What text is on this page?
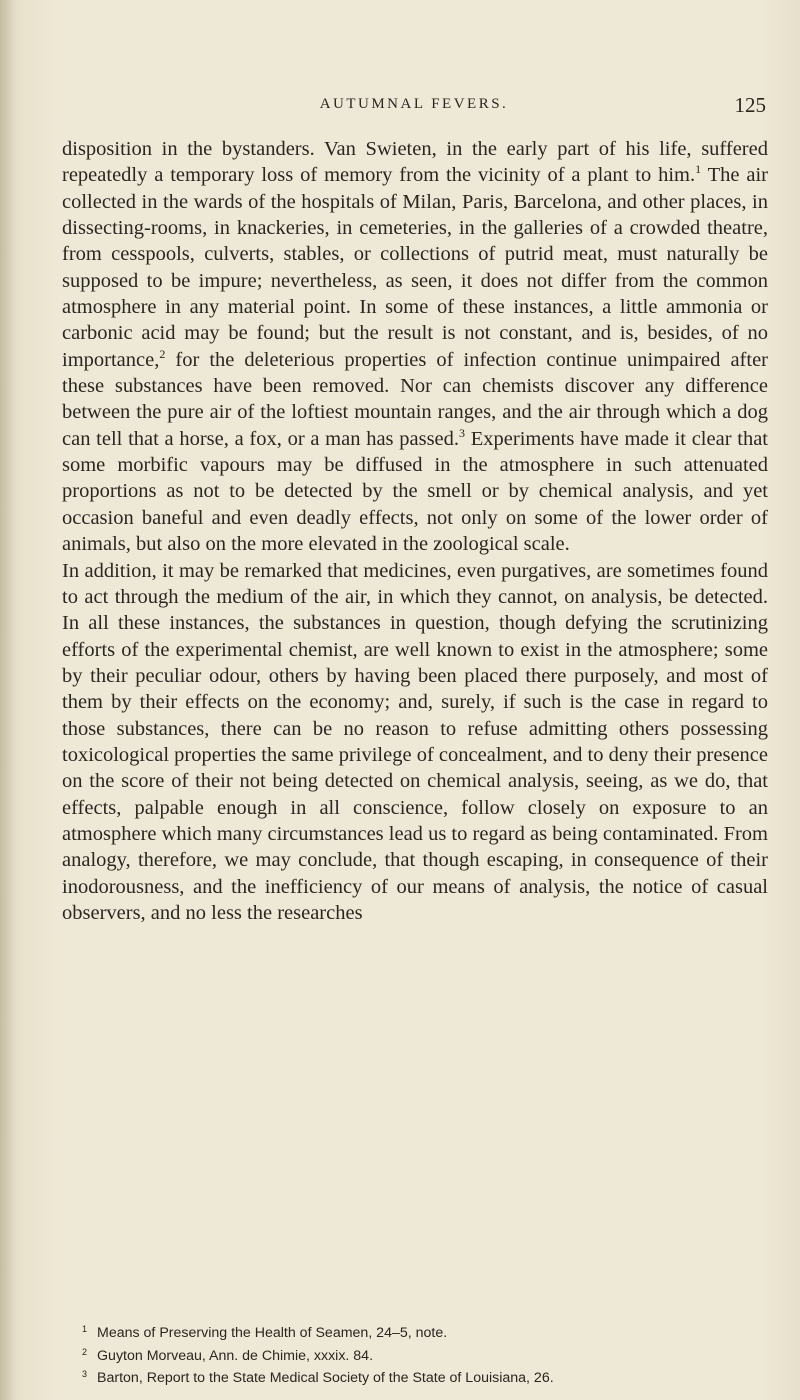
AUTUMNAL FEVERS.	125

disposition in the bystanders. Van Swieten, in the early part of his life, suffered repeatedly a temporary loss of memory from the vicinity of a plant to him.$^1$ The air collected in the wards of the hospitals of Milan, Paris, Barcelona, and other places, in dissecting-rooms, in knackeries, in cemeteries, in the galleries of a crowded theatre, from cesspools, culverts, stables, or collections of putrid meat, must naturally be supposed to be impure; nevertheless, as seen, it does not differ from the common atmosphere in any material point. In some of these instances, a little ammonia or carbonic acid may be found; but the result is not constant, and is, besides, of no importance,$^2$ for the deleterious properties of infection continue unimpaired after these substances have been removed. Nor can chemists discover any difference between the pure air of the loftiest mountain ranges, and the air through which a dog can tell that a horse, a fox, or a man has passed.$^3$ Experiments have made it clear that some morbific vapours may be diffused in the atmosphere in such attenuated proportions as not to be detected by the smell or by chemical analysis, and yet occasion baneful and even deadly effects, not only on some of the lower order of animals, but also on the more elevated in the zoological scale.

In addition, it may be remarked that medicines, even purgatives, are sometimes found to act through the medium of the air, in which they cannot, on analysis, be detected. In all these instances, the substances in question, though defying the scrutinizing efforts of the experimental chemist, are well known to exist in the atmosphere; some by their peculiar odour, others by having been placed there purposely, and most of them by their effects on the economy; and, surely, if such is the case in regard to those substances, there can be no reason to refuse admitting others possessing toxicological properties the same privilege of concealment, and to deny their presence on the score of their not being detected on chemical analysis, seeing, as we do, that effects, palpable enough in all conscience, follow closely on exposure to an atmosphere which many circumstances lead us to regard as being contaminated. From analogy, therefore, we may conclude, that though escaping, in consequence of their inodorousness, and the inefficiency of our means of analysis, the notice of casual observers, and no less the researches

$^1$ Means of Preserving the Health of Seamen, 24–5, note.
$^2$ Guyton Morveau, Ann. de Chimie, xxxix. 84.
$^3$ Barton, Report to the State Medical Society of the State of Louisiana, 26.
